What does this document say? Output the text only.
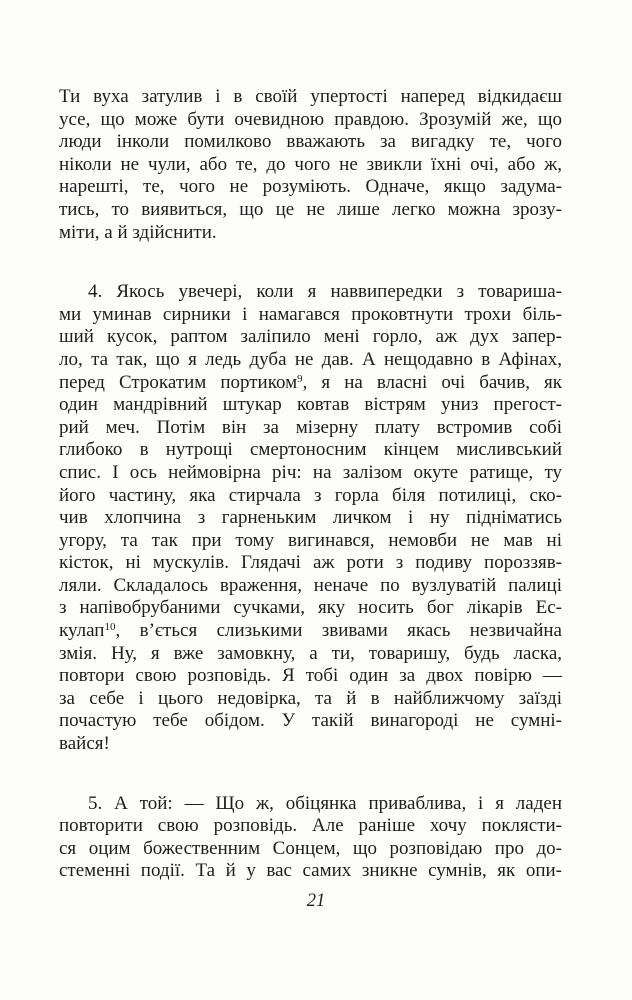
Ти вуха затулив і в своїй упертості наперед відкидаєш
усе, що може бути очевидною правдою. Зрозумій же, що
люди інколи помилково вважають за вигадку те, чого
ніколи не чули, або те, до чого не звикли їхні очі, або ж,
нарешті, те, чого не розуміють. Одначе, якщо задума-
тись, то виявиться, що це не лише легко можна зрозу-
міти, а й здійснити.
4. Якось увечері, коли я наввипередки з товариша-
ми уминав сирники і намагався проковтнути трохи біль-
ший кусок, раптом заліпило мені горло, аж дух запер-
ло, та так, що я ледь дуба не дав. А нещодавно в Афінах,
перед Строкатим портиком$^9$, я на власні очі бачив, як
один мандрівний штукар ковтав вістрям униз прегост-
рий меч. Потім він за мізерну плату встромив собі
глибоко в нутрощі смертоносним кінцем мисливський
спис. І ось неймовірна річ: на залізом окуте ратище, ту
його частину, яка стирчала з горла біля потилиці, ско-
чив хлопчина з гарненьким личком і ну підніматись
угору, та так при тому вигинався, немовби не мав ні
кісток, ні мускулів. Глядачі аж роти з подиву пороззяв-
ляли. Складалось враження, неначе по вузлуватій палиці
з напівобрубаними сучками, яку носить бог лікарів Ес-
кулап$^{10}$, в’ється слизькими звивами якась незвичайна
змія. Ну, я вже замовкну, а ти, товаришу, будь ласка,
повтори свою розповідь. Я тобі один за двох повірю —
за себе і цього недовірка, та й в найближчому заїзді
почастую тебе обідом. У такій винагороді не сумні-
вайся!
5. А той: — Що ж, обіцянка приваблива, і я ладен
повторити свою розповідь. Але раніше хочу поклясти-
ся оцим божественним Сонцем, що розповідаю про до-
стеменні події. Та й у вас самих зникне сумнів, як опи-
21
